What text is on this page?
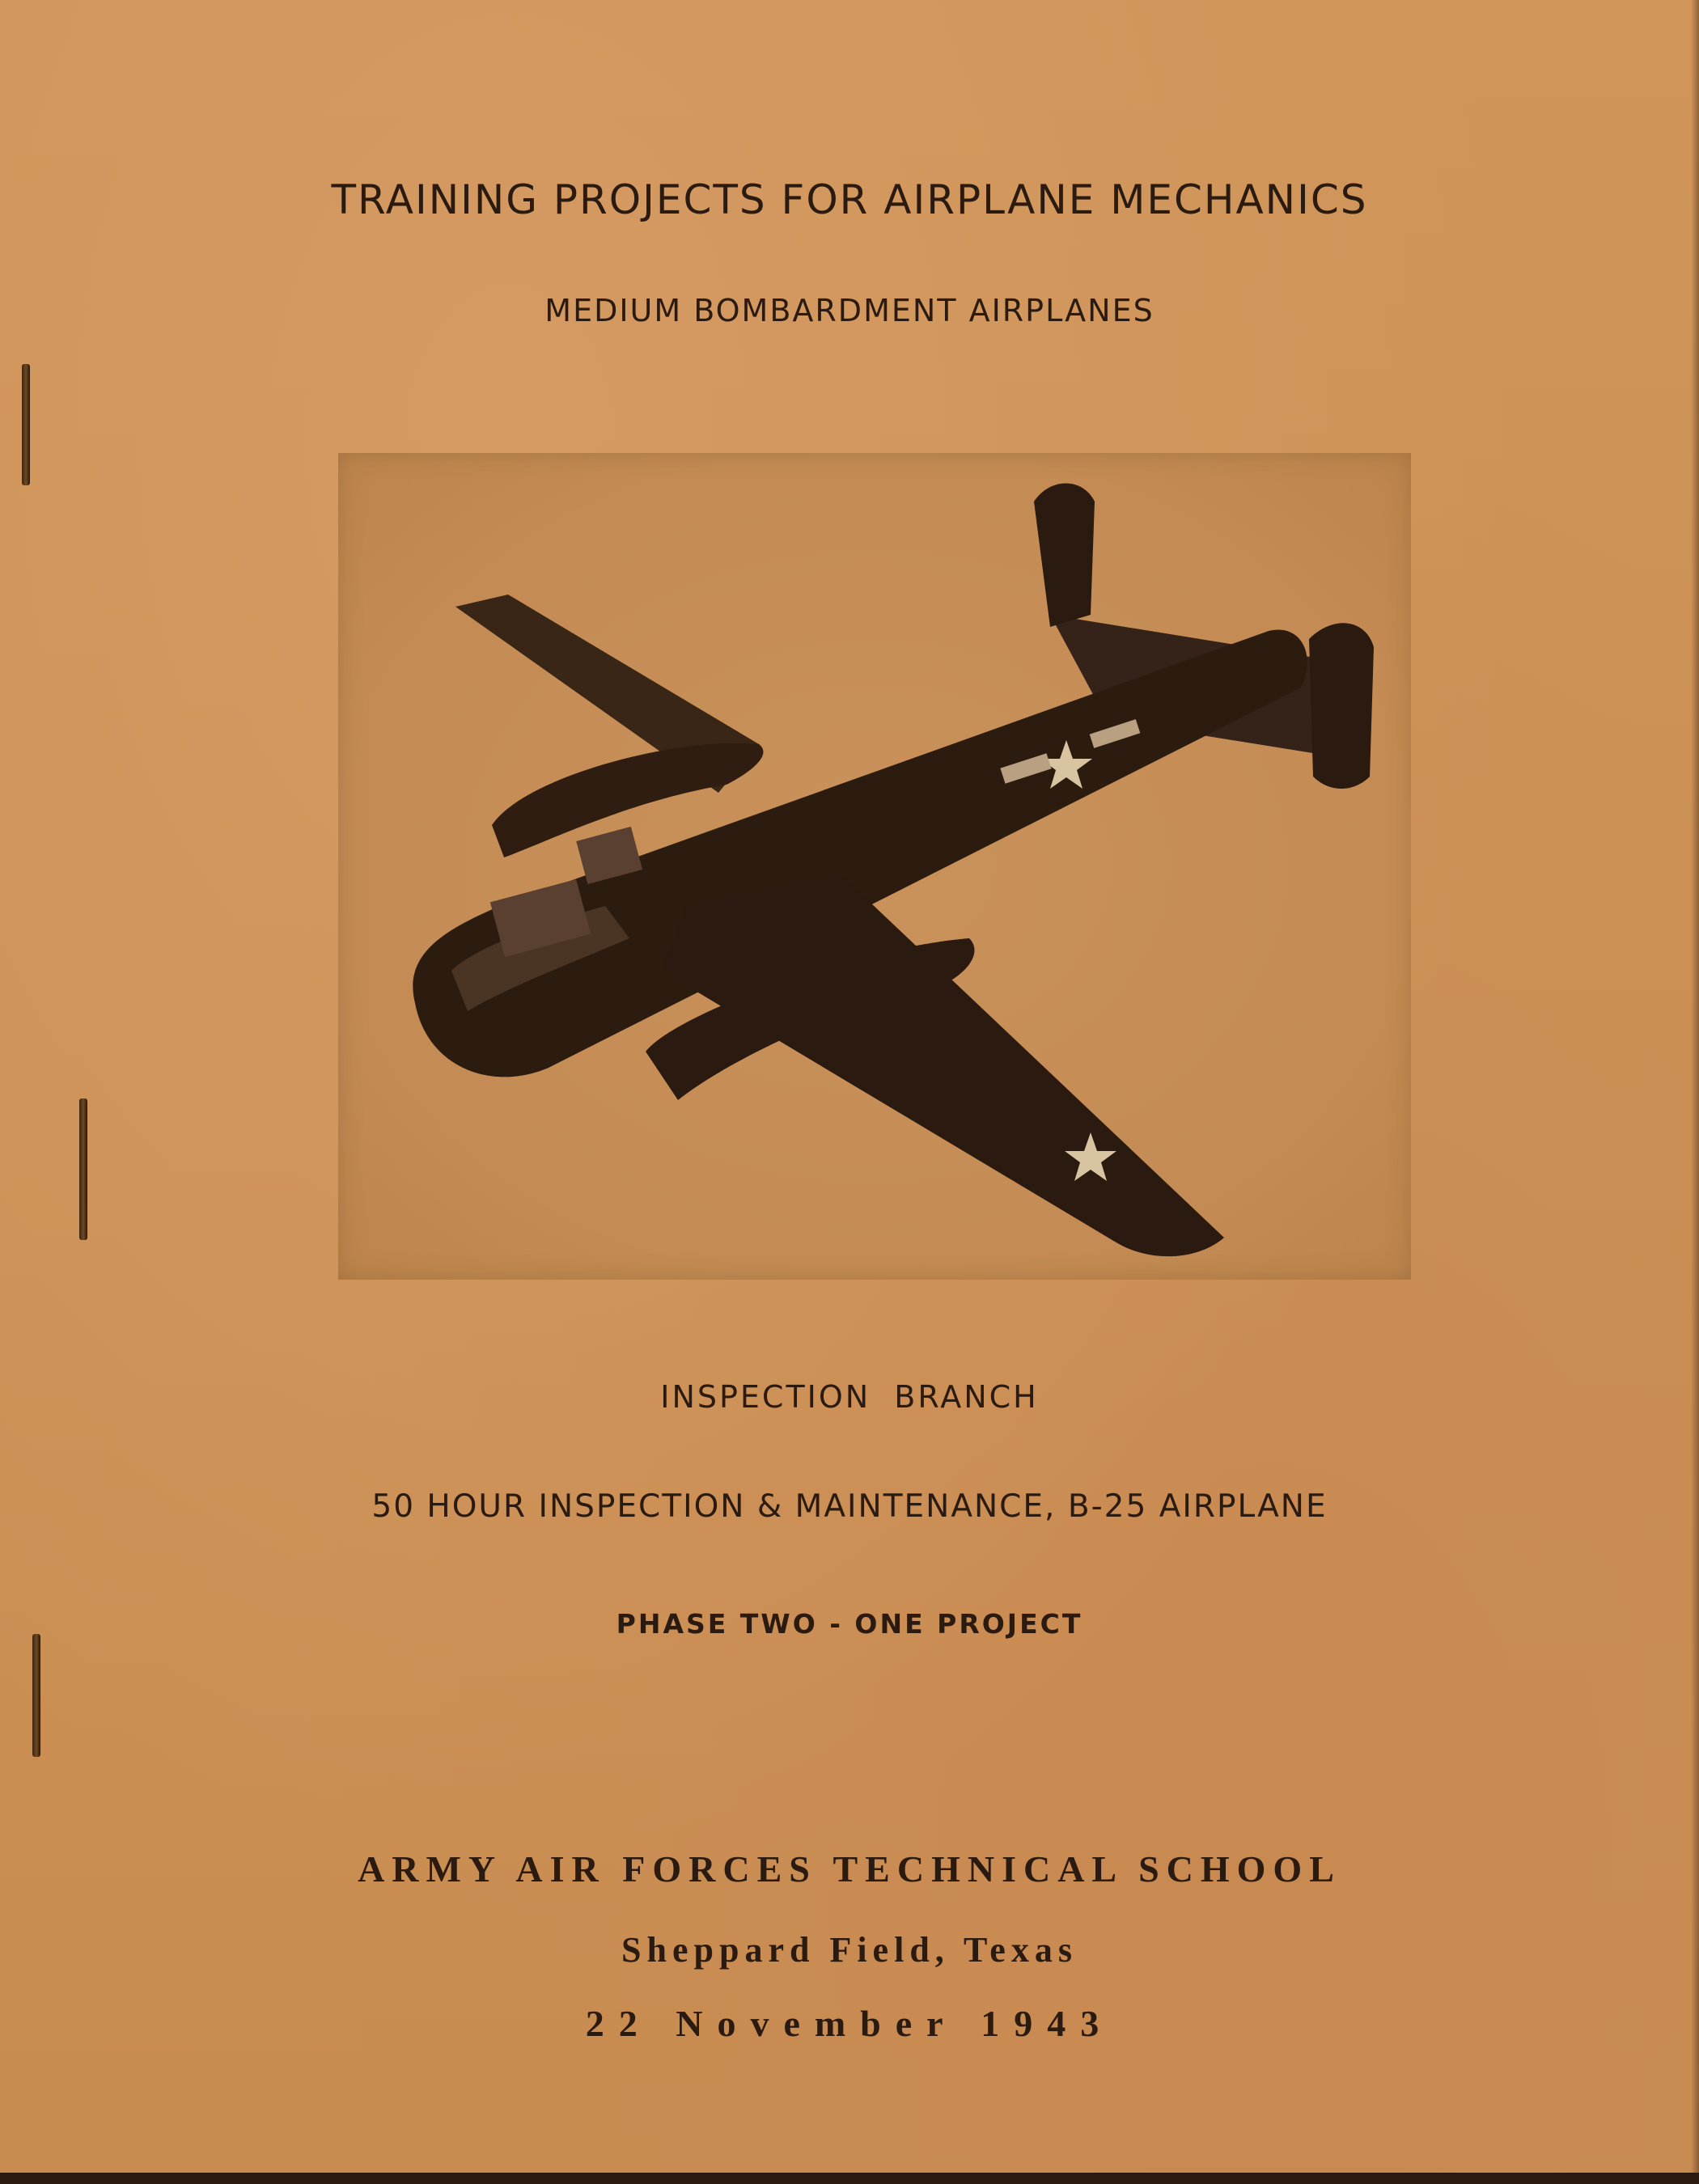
TRAINING PROJECTS FOR AIRPLANE MECHANICS
MEDIUM BOMBARDMENT AIRPLANES
INSPECTION BRANCH
50 HOUR INSPECTION & MAINTENANCE, B-25 AIRPLANE
PHASE TWO - ONE PROJECT
ARMY AIR FORCES TECHNICAL SCHOOL
Sheppard Field, Texas
22 November 1943
